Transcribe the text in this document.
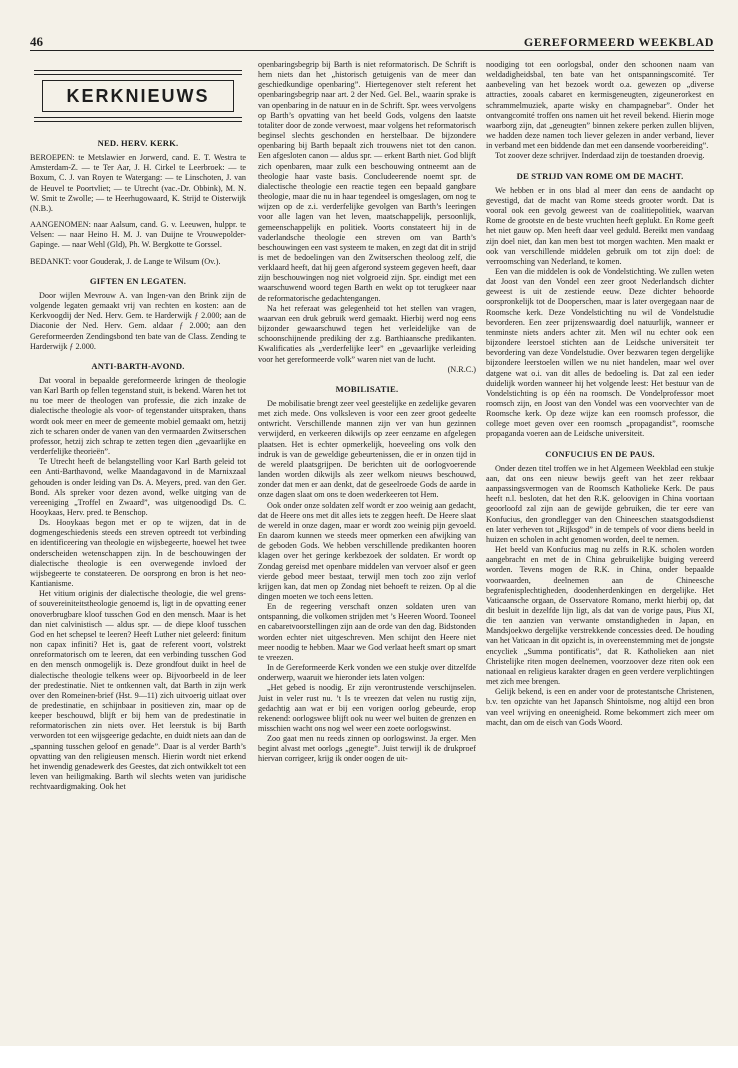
46	GEREFORMEERD WEEKBLAD
KERKNIEUWS
NED. HERV. KERK.

BEROEPEN: te Metslawier en Jorwerd, cand. E. T. Westra te Amsterdam-Z. — te Ter Aar, J. H. Cirkel te Leerbroek: — te Boxum, C. J. van Royen te Watergang: — te Linschoten, J. van de Heuvel te Poortvliet; — te Utrecht (vac.-Dr. Obbink), M. N. W. Smit te Zwolle; — te Heerhugowaard, K. Strijd te Oisterwijk (N.B.).

AANGENOMEN: naar Aalsum, cand. G. v. Leeuwen, hulppr. te Velsen: — naar Heino H. M. J. van Duijne te Vrouwepolder-Gapinge. — naar Wehl (Gld), Ph. W. Bergkotte te Gorssel.

BEDANKT: voor Gouderak, J. de Lange te Wilsum (Ov.).

GIFTEN EN LEGATEN.

Door wijlen Mevrouw A. van Ingen-van den Brink zijn de volgende legaten gemaakt vrij van rechten en kosten: aan de Kerkvoogdij der Ned. Herv. Gem. te Harderwijk ƒ 2.000; aan de Diaconie der Ned. Herv. Gem. aldaar ƒ 2.000; aan den Gereformeerden Zendingsbond ten bate van de Class. Zending te Harderwijk ƒ 2.000.

ANTI-BARTH-AVOND.

Dat vooral in bepaalde gereformeerde kringen de theologie van Karl Barth op fellen tegenstand stuit, is bekend. Waren het tot nu toe meer de theologen van professie, die zich inzake de dialectische theologie als voor- of tegenstander uitspraken, thans wordt ook meer en meer de gemeente mobiel gemaakt om, hetzij zich te scharen onder de vanen van den vermaarden Zwitserschen professor, hetzij zich schrap te zetten tegen dien „gevaarlijke en verderfelijke theorieën”.

Te Utrecht heeft de belangstelling voor Karl Barth geleid tot een Anti-Barthavond, welke Maandagavond in de Marnixzaal gehouden is onder leiding van Ds. A. Meyers, pred. van den Ger. Bond. Als spreker voor dezen avond, welke uitging van de vereeniging „Troffel en Zwaard”, was uitgenoodigd Ds. C. Hooykaas, Herv. pred. te Benschop.

Ds. Hooykaas begon met er op te wijzen, dat in de dogmengeschiedenis steeds een streven optreedt tot verbinding en identificeering van theologie en wijsbegeerte, hoewel het twee onderscheiden wetenschappen zijn. In de beschouwingen der dialectische theologie is een overwegende invloed der wijsbegeerte te constateeren. De oorsprong en bron is het neo-Kantianisme.

Het vitium originis der dialectische theologie, die wel grens- of souvereiniteitstheologie genoemd is, ligt in de opvatting eener onoverbrugbare kloof tusschen God en den mensch. Maar is het dan niet calvinistisch — aldus spr. — de diepe kloof tusschen God en het schepsel te leeren? Heeft Luther niet geleerd: finitum non capax infiniti? Het is, gaat de referent voort, volstrekt onreformatorisch om te leeren, dat een verbinding tusschen God en den mensch onmogelijk is. Deze grondfout duikt in heel de dialectische theologie telkens weer op. Bijvoorbeeld in de leer der predestinatie. Niet te ontkennen valt, dat Barth in zijn werk over den Romeinen-brief (Hst. 9—11) zich uitvoerig uitlaat over de predestinatie, en schijnbaar in positieven zin, maar op de keeper beschouwd, blijft er bij hem van de predestinatie in reformatorischen zin niets over. Het leerstuk is bij Barth verworden tot een wijsgeerige gedachte, en duidt niets aan dan de „spanning tusschen geloof en genade”. Daar is al verder Barth’s opvatting van den religieusen mensch. Hierin wordt niet erkend het inwendig genadewerk des Geestes, dat zich ontwikkelt tot een leven van heiligmaking. Barth wil slechts weten van juridische rechtvaardigmaking. Ook het

openbaringsbegrip bij Barth is niet reformatorisch. De Schrift is hem niets dan het „historisch getuigenis van de meer dan geschiedkundige openbaring”. Hiertegenover stelt referent het openbaringsbegrip naar art. 2 der Ned. Gel. Bel., waarin sprake is van openbaring in de natuur en in de Schrift. Spr. wees vervolgens op Barth’s opvatting van het beeld Gods, volgens den laatste totaliter door de zonde verwoest, maar volgens het reformatorisch beginsel slechts geschonden en herstelbaar. De bijzondere openbaring bij Barth bepaalt zich trouwens niet tot den canon. Een afgesloten canon — aldus spr. — erkent Barth niet. God blijft zich openbaren, maar zulk een beschouwing ontneemt aan de theologie haar vaste basis. Concludeerende noemt spr. de dialectische theologie een reactie tegen een bepaald gangbare theologie, maar die nu in haar tegendeel is omgeslagen, om nog te wijzen op de z.i. verderfelijke gevolgen van Barth’s leeringen voor alle lagen van het leven, maatschappelijk, persoonlijk, gemeenschappelijk en politiek. Voorts constateert hij in de vaderlandsche theologie een streven om van Barth’s beschouwingen een vast systeem te maken, en zegt dat dit in strijd is met de bedoelingen van den Zwitserschen theoloog zelf, die verklaard heeft, dat hij geen afgerond systeem gegeven heeft, daar zijn beschouwingen nog niet volgroeid zijn. Spr. eindigt met een waarschuwend woord tegen Barth en wekt op tot terugkeer naar de reformatorische gedachtengangen.

Na het referaat was gelegenheid tot het stellen van vragen, waarvan een druk gebruik werd gemaakt. Hierbij werd nog eens bijzonder gewaarschuwd tegen het verleidelijke van de schoonschijnende prediking der z.g. Barthiaansche predikanten. Kwalificaties als „verderfelijke leer” en „gevaarlijke verleiding voor het gereformeerde volk” waren niet van de lucht.

(N.R.C.)

MOBILISATIE.

De mobilisatie brengt zeer veel geestelijke en zedelijke gevaren met zich mede. Ons volksleven is voor een zeer groot gedeelte ontwricht. Verschillende mannen zijn ver van hun gezinnen verwijderd, en verkeeren dikwijls op zeer eenzame en afgelegen plaatsen. Het is echter opmerkelijk, hoeveeling ons volk den indruk is van de geweldige gebeurtenissen, die er in onzen tijd in de wereld plaatsgrijpen. De berichten uit de oorlogvoerende landen worden dikwijls als zeer welkom nieuws beschouwd, zonder dat men er aan denkt, dat de geseelroede Gods de aarde in onze dagen slaat om ons te doen wederkeeren tot Hem.

Ook onder onze soldaten zelf wordt er zoo weinig aan gedacht, dat de Heere ons met dit alles iets te zeggen heeft. De Heere slaat de wereld in onze dagen, maar er wordt zoo weinig pijn gevoeld. En daarom kunnen we steeds meer opmerken een afwijking van de geboden Gods. We hebben verschillende predikanten hooren klagen over het geringe kerkbezoek der soldaten. Er wordt op Zondag gereisd met openbare middelen van vervoer alsof er geen vierde gebod meer bestaat, terwijl men toch zoo zijn verlof krijgen kan, dat men op Zondag niet behoeft te reizen. Op al die dingen moeten we toch eens letten.

En de regeering verschaft onzen soldaten uren van ontspanning, die volkomen strijden met ’s Heeren Woord. Tooneel en cabaretvoorstellingen zijn aan de orde van den dag. Bidstonden worden echter niet uitgeschreven. Men schijnt den Heere niet meer noodig te hebben. Maar we God verlaat heeft smart op smart te vreezen.

In de Gereformeerde Kerk vonden we een stukje over ditzelfde onderwerp, waaruit we hieronder iets laten volgen:

„Het gebed is noodig. Er zijn verontrustende verschijnselen. Juist in veler rust nu. ’t Is te vreezen dat velen nu rustig zijn, gedachtig aan wat er bij een vorigen oorlog gebeurde, erop rekenend: oorlogswee blijft ook nu weer wel buiten de grenzen en misschien wacht ons nog wel weer een zoete oorlogswinst.

Zoo gaat men nu reeds zinnen op oorlogswinst. Ja erger. Men begint alvast met oorlogs „genegte”. Juist terwijl ik de drukproef hiervan corrigeer, krijg ik onder oogen de uit-

noodiging tot een oorlogsbal, onder den schoonen naam van weldadigheidsbal, ten bate van het ontspanningscomité. Ter aanbeveling van het bezoek wordt o.a. gewezen op „diverse attracties, zooals cabaret en kermisgeneugten, zigeunerorkest en schrammelmuziek, aparte wisky en champagnebar”. Onder het ontvangcomité troffen ons namen uit het reveil bekend. Hierin moge waarborg zijn, dat „geneugten” binnen zekere perken zullen blijven, we hadden deze namen toch liever gelezen in ander verband, liever in verband met een biddende dan met een dansende voorbereiding”.

Tot zoover deze schrijver. Inderdaad zijn de toestanden droevig.

DE STRIJD VAN ROME OM DE MACHT.

We hebben er in ons blad al meer dan eens de aandacht op gevestigd, dat de macht van Rome steeds grooter wordt. Dat is vooral ook een gevolg geweest van de coalitiepolitiek, waarvan Rome de grootste en de beste vruchten heeft geplukt. En Rome geeft het niet gauw op. Men heeft daar veel geduld. Bereikt men vandaag zijn doel niet, dan kan men best tot morgen wachten. Men maakt er ook van verschillende middelen gebruik om tot zijn doel: de verroomsching van Nederland, te komen.

Een van die middelen is ook de Vondelstichting. We zullen weten dat Joost van den Vondel een zeer groot Nederlandsch dichter geweest is uit de zestiende eeuw. Deze dichter behoorde oorspronkelijk tot de Dooperschen, maar is later overgegaan naar de Roomsche kerk. Deze Vondelstichting nu wil de Vondelstudie bevorderen. Een zeer prijzenswaardig doel natuurlijk, wanneer er tenminste niets anders achter zit. Men wil nu echter ook een bijzondere leerstoel stichten aan de Leidsche universiteit ter bevordering van deze Vondelstudie. Over bezwaren tegen dergelijke bijzondere leerstoelen willen we nu niet handelen, maar wel over datgene wat o.i. van dit alles de bedoeling is. Dat zal een ieder duidelijk worden wanneer hij het volgende leest: Het bestuur van de Vondelstichting is op één na roomsch. De Vondelprofessor moet roomsch zijn, en Joost van den Vondel was een voorvechter van de Roomsche kerk. Op deze wijze kan een roomsch professor, die college moet geven over een roomsch „propagandist”, roomsche propaganda voeren aan de Leidsche universiteit.

CONFUCIUS EN DE PAUS.

Onder dezen titel troffen we in het Algemeen Weekblad een stukje aan, dat ons een nieuw bewijs geeft van het zeer rekbaar aanpassingsvermogen van de Roomsch Katholieke Kerk. De paus heeft n.l. besloten, dat het den R.K. geloovigen in China voortaan geoorloofd zal zijn aan de gewijde gebruiken, die ter eere van Konfucius, den grondlegger van den Chineeschen staatsgodsdienst en later verheven tot „Rijksgod” in de tempels of voor diens beeld in huizen en scholen in acht genomen worden, deel te nemen.

Het beeld van Konfucius mag nu zelfs in R.K. scholen worden aangebracht en met de in China gebruikelijke buiging vereerd worden. Tevens mogen de R.K. in China, onder bepaalde voorwaarden, deelnemen aan de Chineesche begrafenisplechtigheden, doodenherdenkingen en dergelijke. Het Vaticaansche orgaan, de Osservatore Romano, merkt hierbij op, dat dit besluit in dezelfde lijn ligt, als dat van de vorige paus, Pius XI, die ten aanzien van verwante omstandigheden in Japan, en Mandsjoekwo dergelijke verstrekkende concessies deed. De houding van het Vaticaan in dit opzicht is, in overeenstemming met de jongste encycliek „Summa pontificatis”, dat R. Katholieken aan niet Christelijke riten mogen deelnemen, voorzoover deze riten ook een nationaal en religieus karakter dragen en geen verdere verplichtingen met zich mee brengen.

Gelijk bekend, is een en ander voor de protestantsche Christenen, b.v. ten opzichte van het Japansch Shintoïsme, nog altijd een bron van veel wrijving en oneenigheid. Rome bekommert zich meer om macht, dan om de eisch van Gods Woord.
